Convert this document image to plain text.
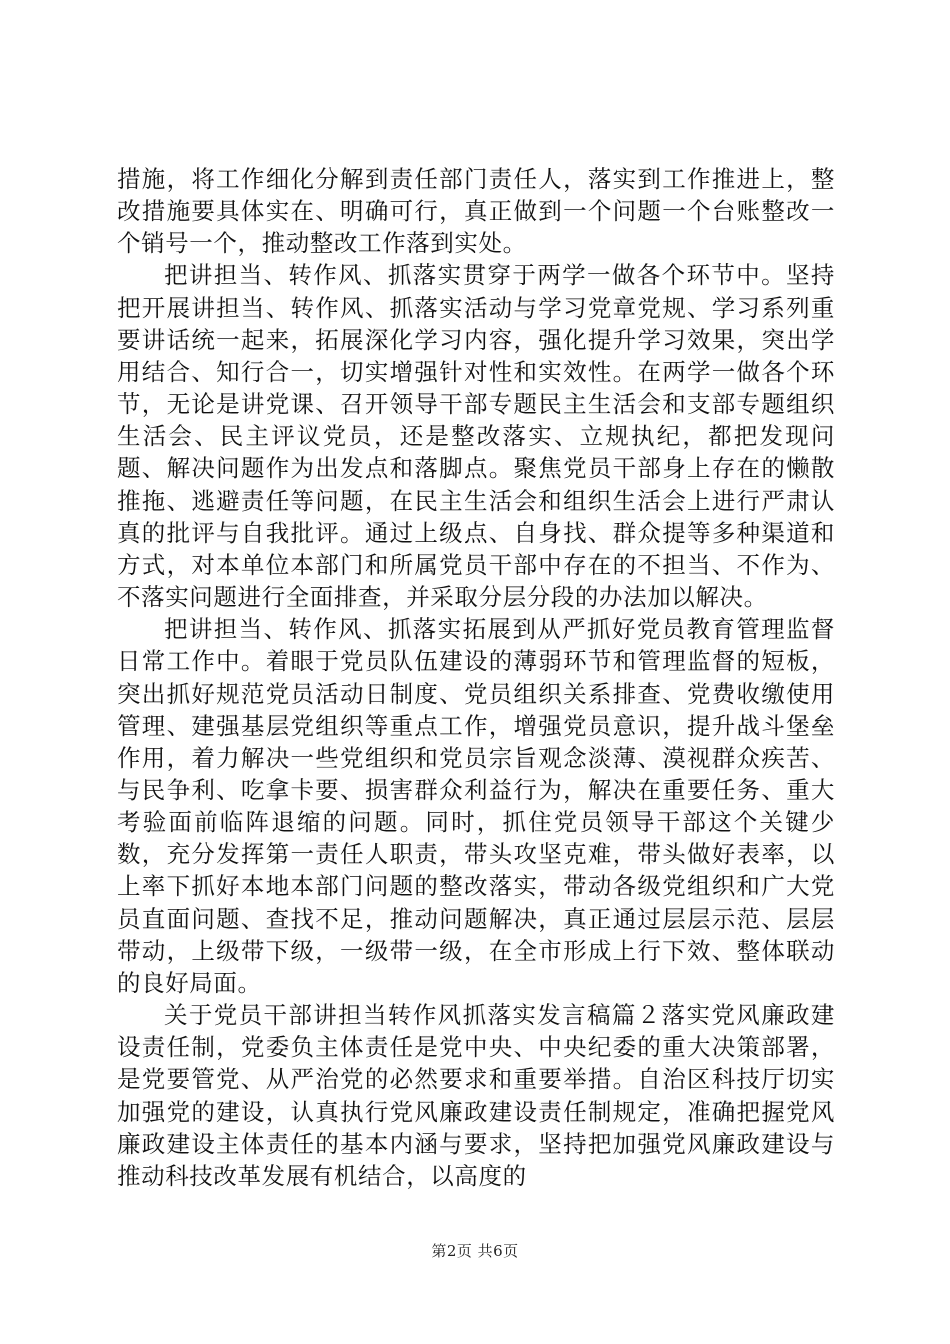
措施，将工作细化分解到责任部门责任人，落实到工作推进上，整改措施要具体实在、明确可行，真正做到一个问题一个台账整改一个销号一个，推动整改工作落到实处。

把讲担当、转作风、抓落实贯穿于两学一做各个环节中。坚持把开展讲担当、转作风、抓落实活动与学习党章党规、学习系列重要讲话统一起来，拓展深化学习内容，强化提升学习效果，突出学用结合、知行合一，切实增强针对性和实效性。在两学一做各个环节，无论是讲党课、召开领导干部专题民主生活会和支部专题组织生活会、民主评议党员，还是整改落实、立规执纪，都把发现问题、解决问题作为出发点和落脚点。聚焦党员干部身上存在的懒散推拖、逃避责任等问题，在民主生活会和组织生活会上进行严肃认真的批评与自我批评。通过上级点、自身找、群众提等多种渠道和方式，对本单位本部门和所属党员干部中存在的不担当、不作为、不落实问题进行全面排查，并采取分层分段的办法加以解决。

把讲担当、转作风、抓落实拓展到从严抓好党员教育管理监督日常工作中。着眼于党员队伍建设的薄弱环节和管理监督的短板，突出抓好规范党员活动日制度、党员组织关系排查、党费收缴使用管理、建强基层党组织等重点工作，增强党员意识，提升战斗堡垒作用，着力解决一些党组织和党员宗旨观念淡薄、漠视群众疾苦、与民争利、吃拿卡要、损害群众利益行为，解决在重要任务、重大考验面前临阵退缩的问题。同时，抓住党员领导干部这个关键少数，充分发挥第一责任人职责，带头攻坚克难，带头做好表率，以上率下抓好本地本部门问题的整改落实，带动各级党组织和广大党员直面问题、查找不足，推动问题解决，真正通过层层示范、层层带动，上级带下级，一级带一级，在全市形成上行下效、整体联动的良好局面。

关于党员干部讲担当转作风抓落实发言稿篇２落实党风廉政建设责任制，党委负主体责任是党中央、中央纪委的重大决策部署，是党要管党、从严治党的必然要求和重要举措。自治区科技厅切实加强党的建设，认真执行党风廉政建设责任制规定，准确把握党风廉政建设主体责任的基本内涵与要求，坚持把加强党风廉政建设与推动科技改革发展有机结合，以高度的

第2页 共6页
